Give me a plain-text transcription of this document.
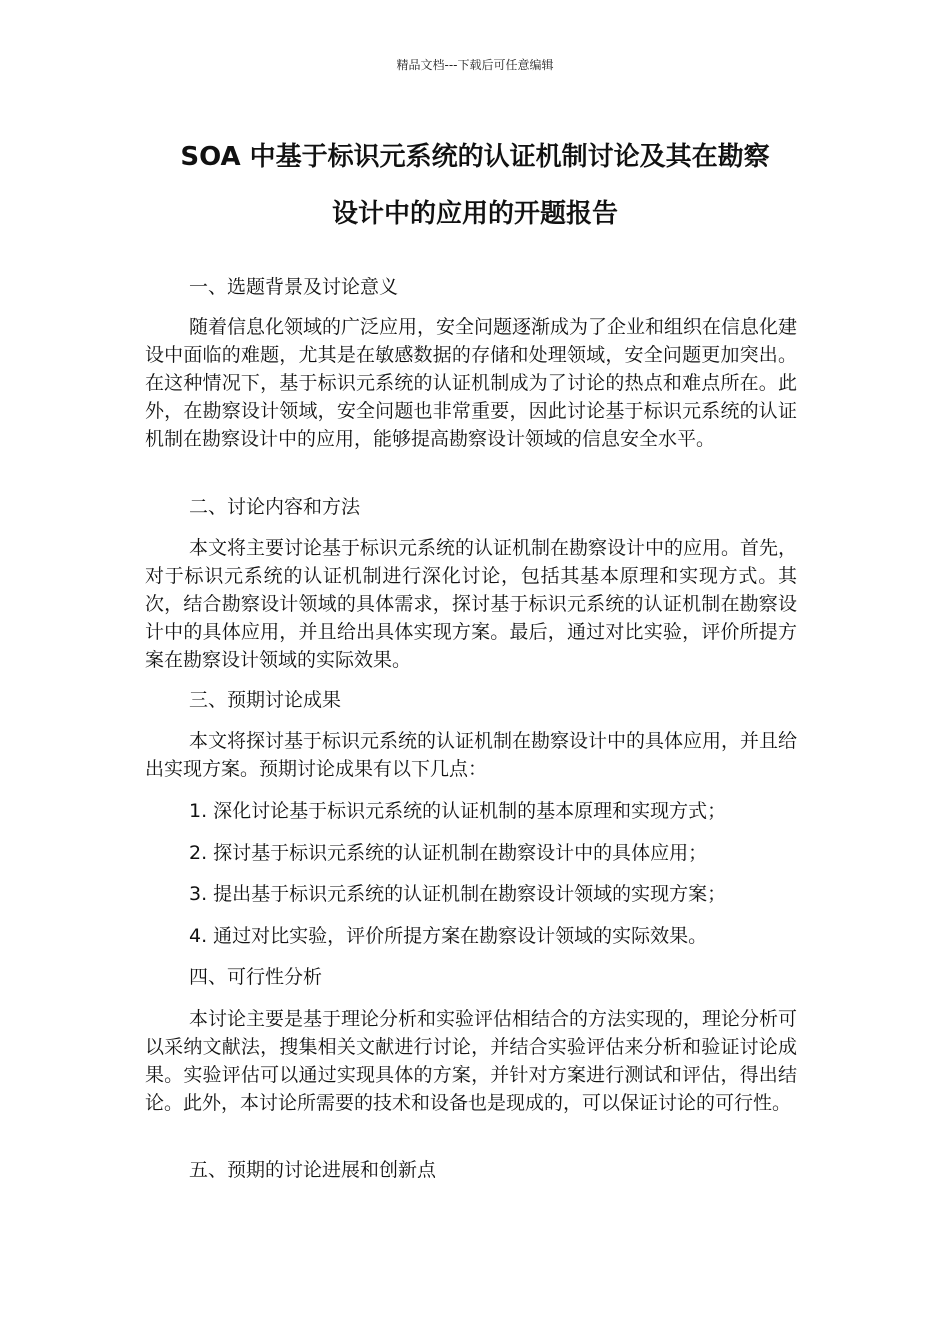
精品文档---下载后可任意编辑
SOA 中基于标识元系统的认证机制讨论及其在勘察
设计中的应用的开题报告
一、选题背景及讨论意义
随着信息化领域的广泛应用，安全问题逐渐成为了企业和组织在信息化建设中面临的难题，尤其是在敏感数据的存储和处理领域，安全问题更加突出。在这种情况下，基于标识元系统的认证机制成为了讨论的热点和难点所在。此外，在勘察设计领域，安全问题也非常重要，因此讨论基于标识元系统的认证机制在勘察设计中的应用，能够提高勘察设计领域的信息安全水平。
二、讨论内容和方法
本文将主要讨论基于标识元系统的认证机制在勘察设计中的应用。首先，对于标识元系统的认证机制进行深化讨论，包括其基本原理和实现方式。其次，结合勘察设计领域的具体需求，探讨基于标识元系统的认证机制在勘察设计中的具体应用，并且给出具体实现方案。最后，通过对比实验，评价所提方案在勘察设计领域的实际效果。
三、预期讨论成果
本文将探讨基于标识元系统的认证机制在勘察设计中的具体应用，并且给出实现方案。预期讨论成果有以下几点：
1. 深化讨论基于标识元系统的认证机制的基本原理和实现方式；
2. 探讨基于标识元系统的认证机制在勘察设计中的具体应用；
3. 提出基于标识元系统的认证机制在勘察设计领域的实现方案；
4. 通过对比实验，评价所提方案在勘察设计领域的实际效果。
四、可行性分析
本讨论主要是基于理论分析和实验评估相结合的方法实现的，理论分析可以采纳文献法，搜集相关文献进行讨论，并结合实验评估来分析和验证讨论成果。实验评估可以通过实现具体的方案，并针对方案进行测试和评估，得出结论。此外，本讨论所需要的技术和设备也是现成的，可以保证讨论的可行性。
五、预期的讨论进展和创新点
